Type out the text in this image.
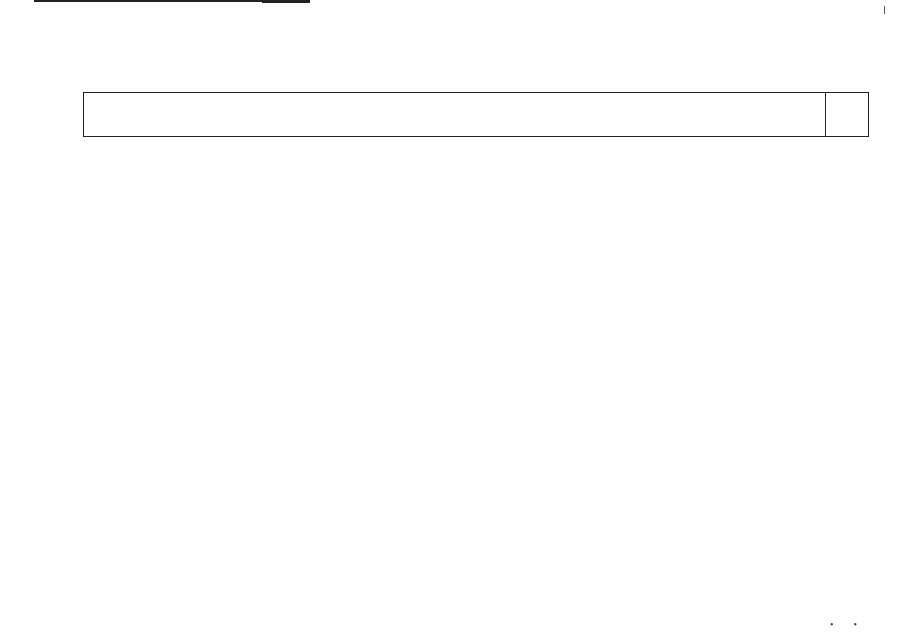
•          •
